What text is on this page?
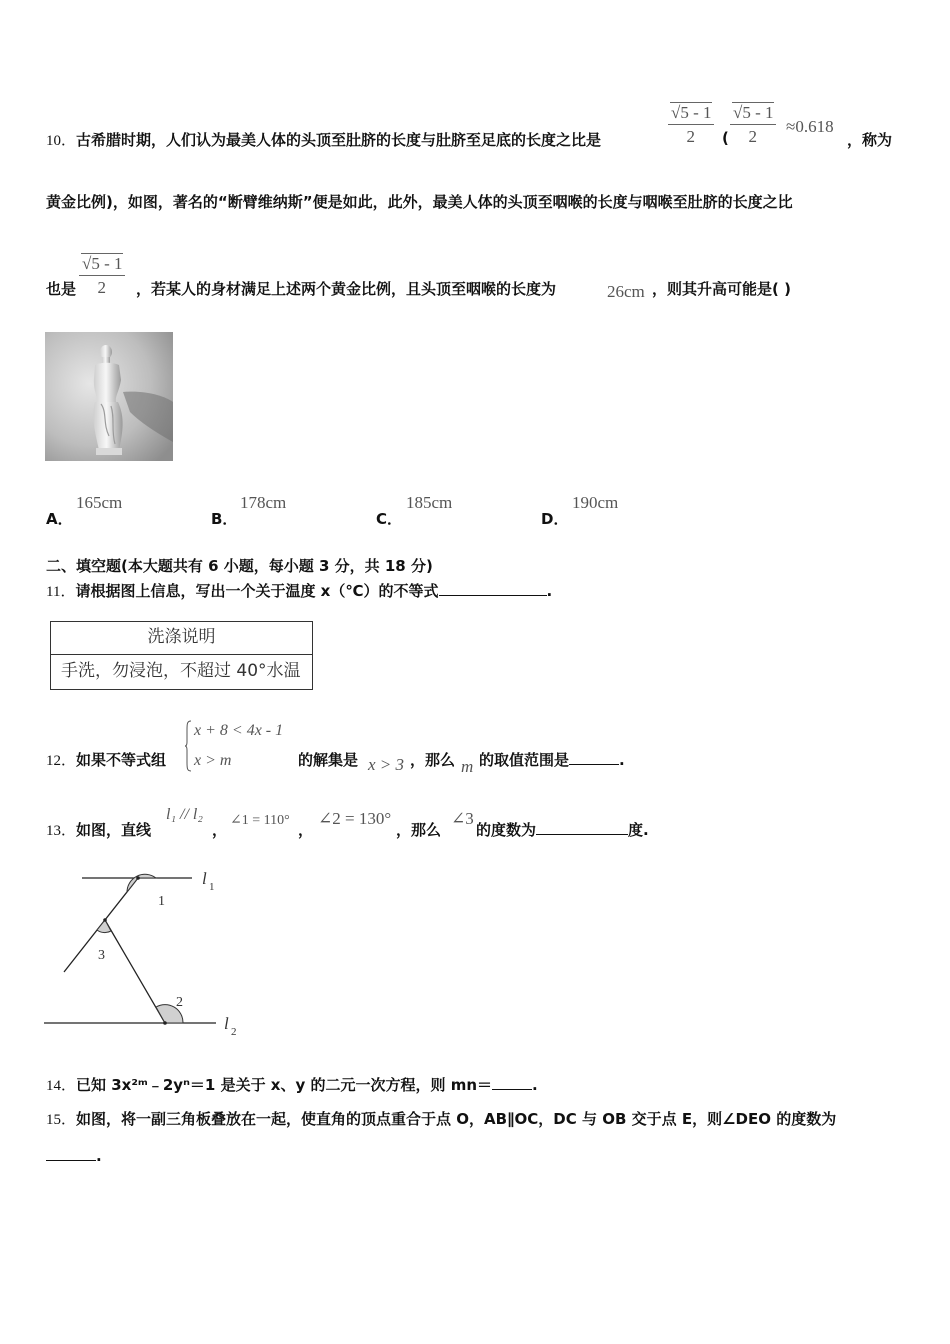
10．古希腊时期，人们认为最美人体的头顶至肚脐的长度与肚脐至足底的长度之比是	$\frac{√5 - 1}{2}$ ( $\frac{√5 - 1}{2} \approx 0.618$
，称为
黄金比例)，如图，著名的“断臂维纳斯”便是如此，此外，最美人体的头顶至咽喉的长度与咽喉至肚脐的长度之比
也是 $\frac{√5 - 1}{2}$ ，若某人的身材满足上述两个黄金比例，且头顶至咽喉的长度为	26cm ，则其升高可能是( )
A．
165cm
B．
178cm
C．
185cm
D．
190cm
二、填空题(本大题共有 6 小题，每小题 3 分，共 18 分)
11．请根据图上信息，写出一个关于温度 x（℃）的不等式	.
洗涤说明
手洗，勿浸泡，不超过 40°水温
12．如果不等式组
x + 8 < 4x - 1
x > m	的解集是 x > 3 ，那么 m 的取值范围是	.
13．如图，直线
l₁ // l₂
，
∠1 = 110°
，
∠2 = 130°
，那么
∠3
的度数为	度.
1
2
3
l 1
l 2
14．已知 3x²ᵐ﹣2yⁿ＝1 是关于 x、y 的二元一次方程，则 mn＝	.
15．如图，将一副三角板叠放在一起，使直角的顶点重合于点 O，AB∥OC，DC 与 OB 交于点 E，则∠DEO 的度数为
.
